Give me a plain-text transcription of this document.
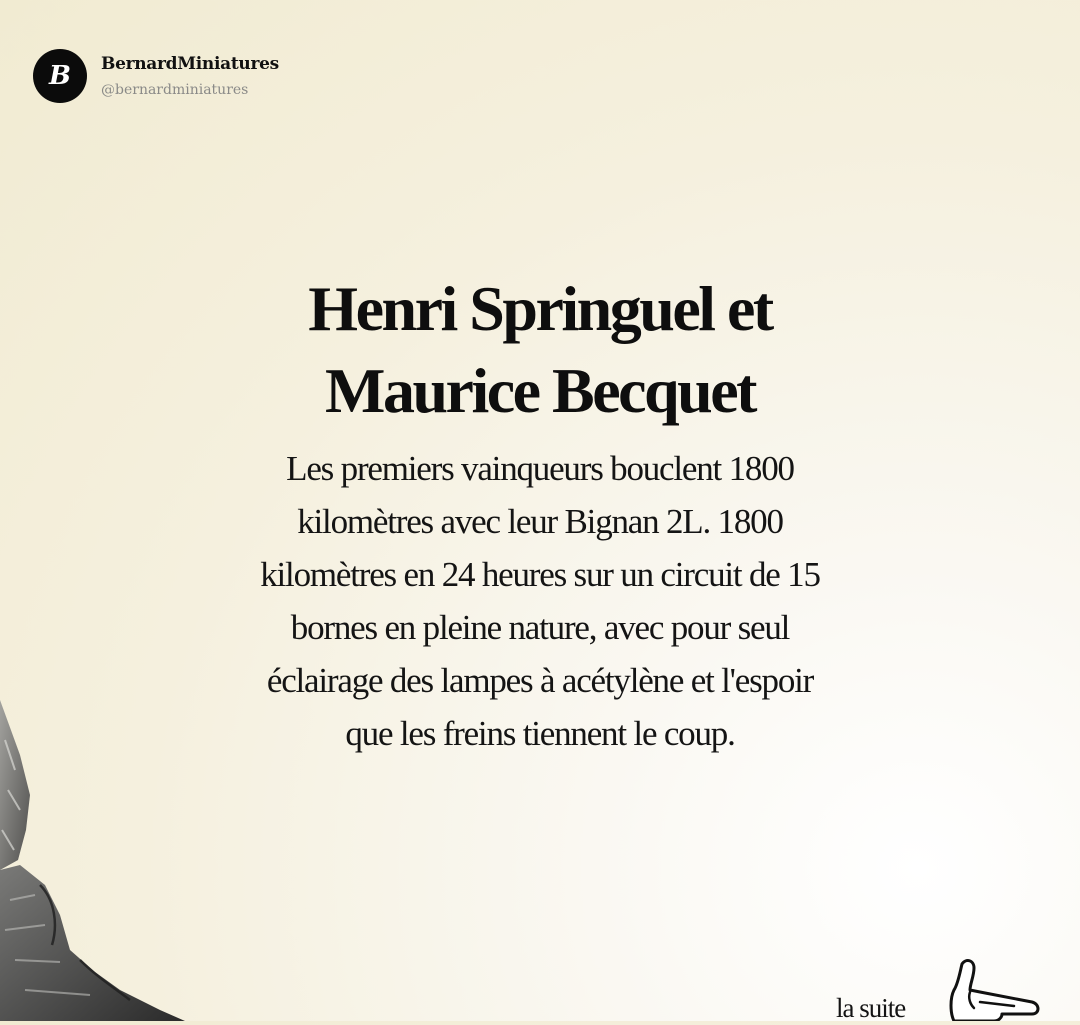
B BernardMiniatures
@bernardminiatures
Henri Springuel et
Maurice Becquet

Les premiers vainqueurs bouclent 1800
kilomètres avec leur Bignan 2L. 1800
kilomètres en 24 heures sur un circuit de 15
bornes en pleine nature, avec pour seul
éclairage des lampes à acétylène et l'espoir
que les freins tiennent le coup.

la suite
